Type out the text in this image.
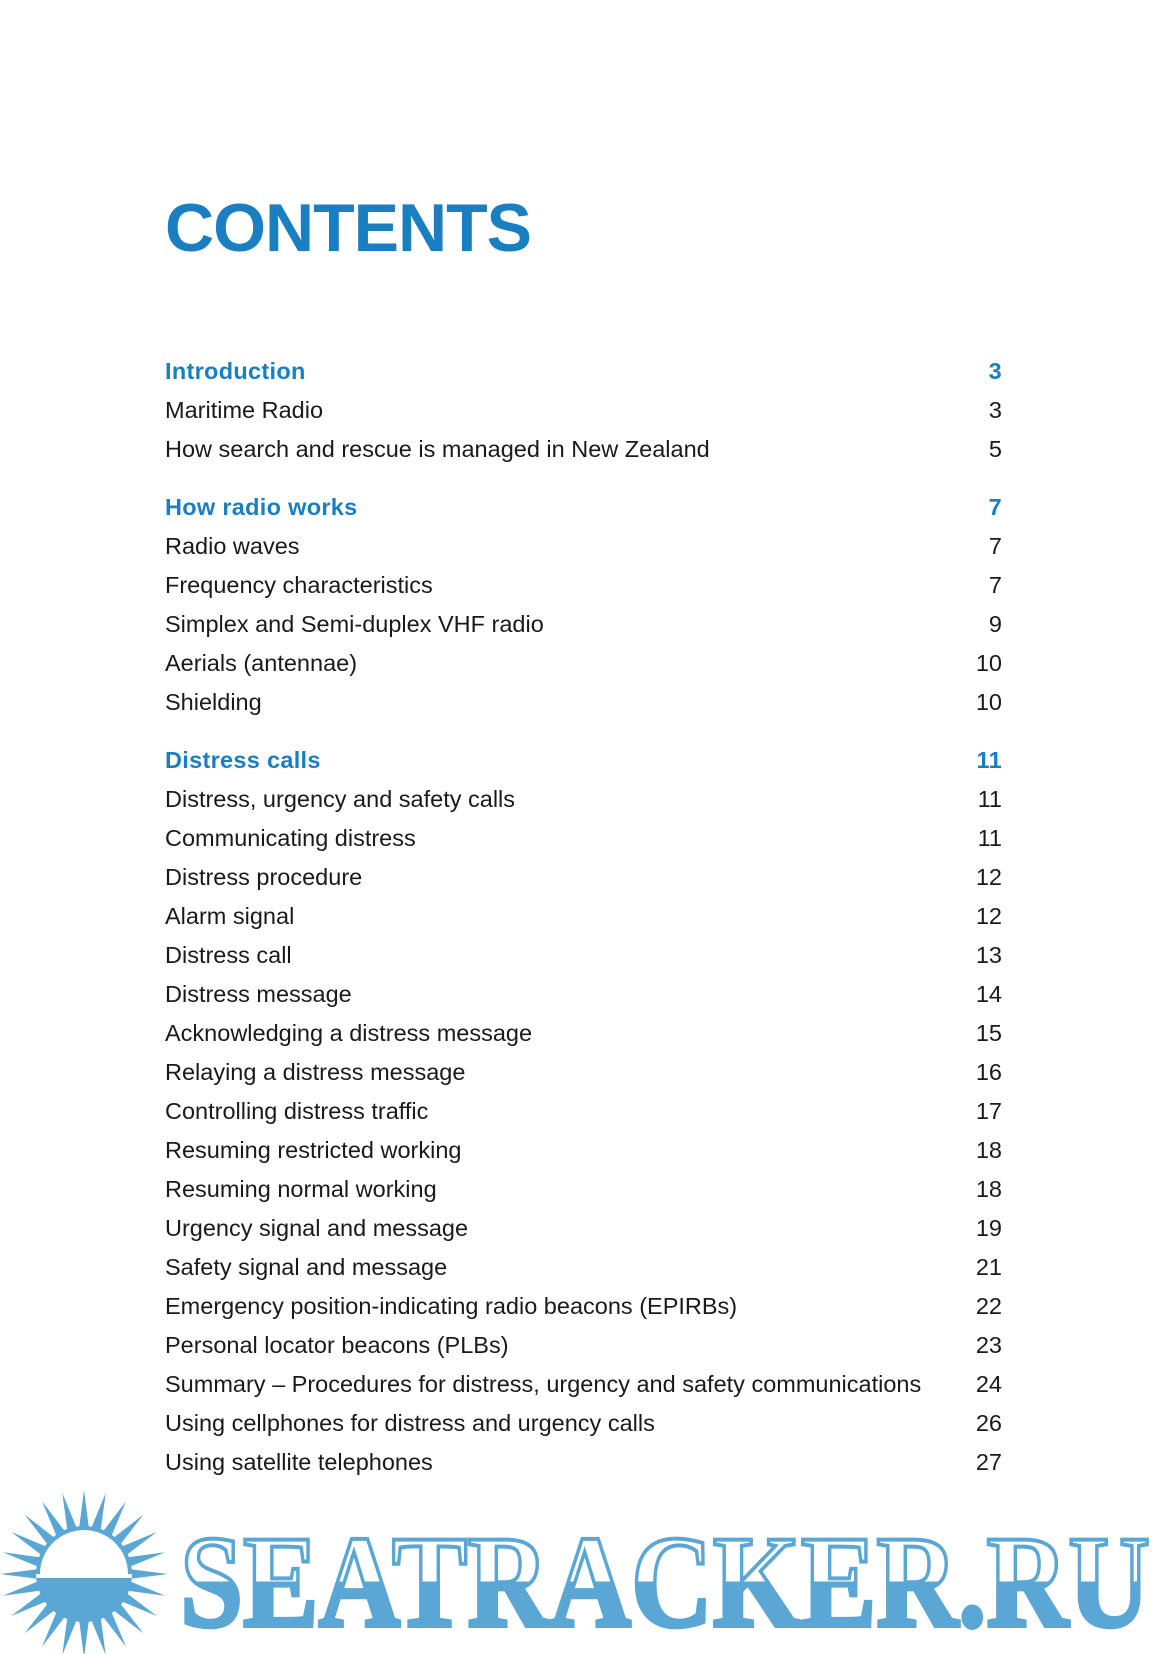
CONTENTS
Introduction	3
Maritime Radio	3
How search and rescue is managed in New Zealand	5
How radio works	7
Radio waves	7
Frequency characteristics	7
Simplex and Semi-duplex VHF radio	9
Aerials (antennae)	10
Shielding	10
Distress calls	11
Distress, urgency and safety calls	11
Communicating distress	11
Distress procedure	12
Alarm signal	12
Distress call	13
Distress message	14
Acknowledging a distress message	15
Relaying a distress message	16
Controlling distress traffic	17
Resuming restricted working	18
Resuming normal working	18
Urgency signal and message	19
Safety signal and message	21
Emergency position-indicating radio beacons (EPIRBs)	22
Personal locator beacons (PLBs)	23
Summary – Procedures for distress, urgency and safety communications	24
Using cellphones for distress and urgency calls	26
Using satellite telephones	27
SEATRACKER.RU
